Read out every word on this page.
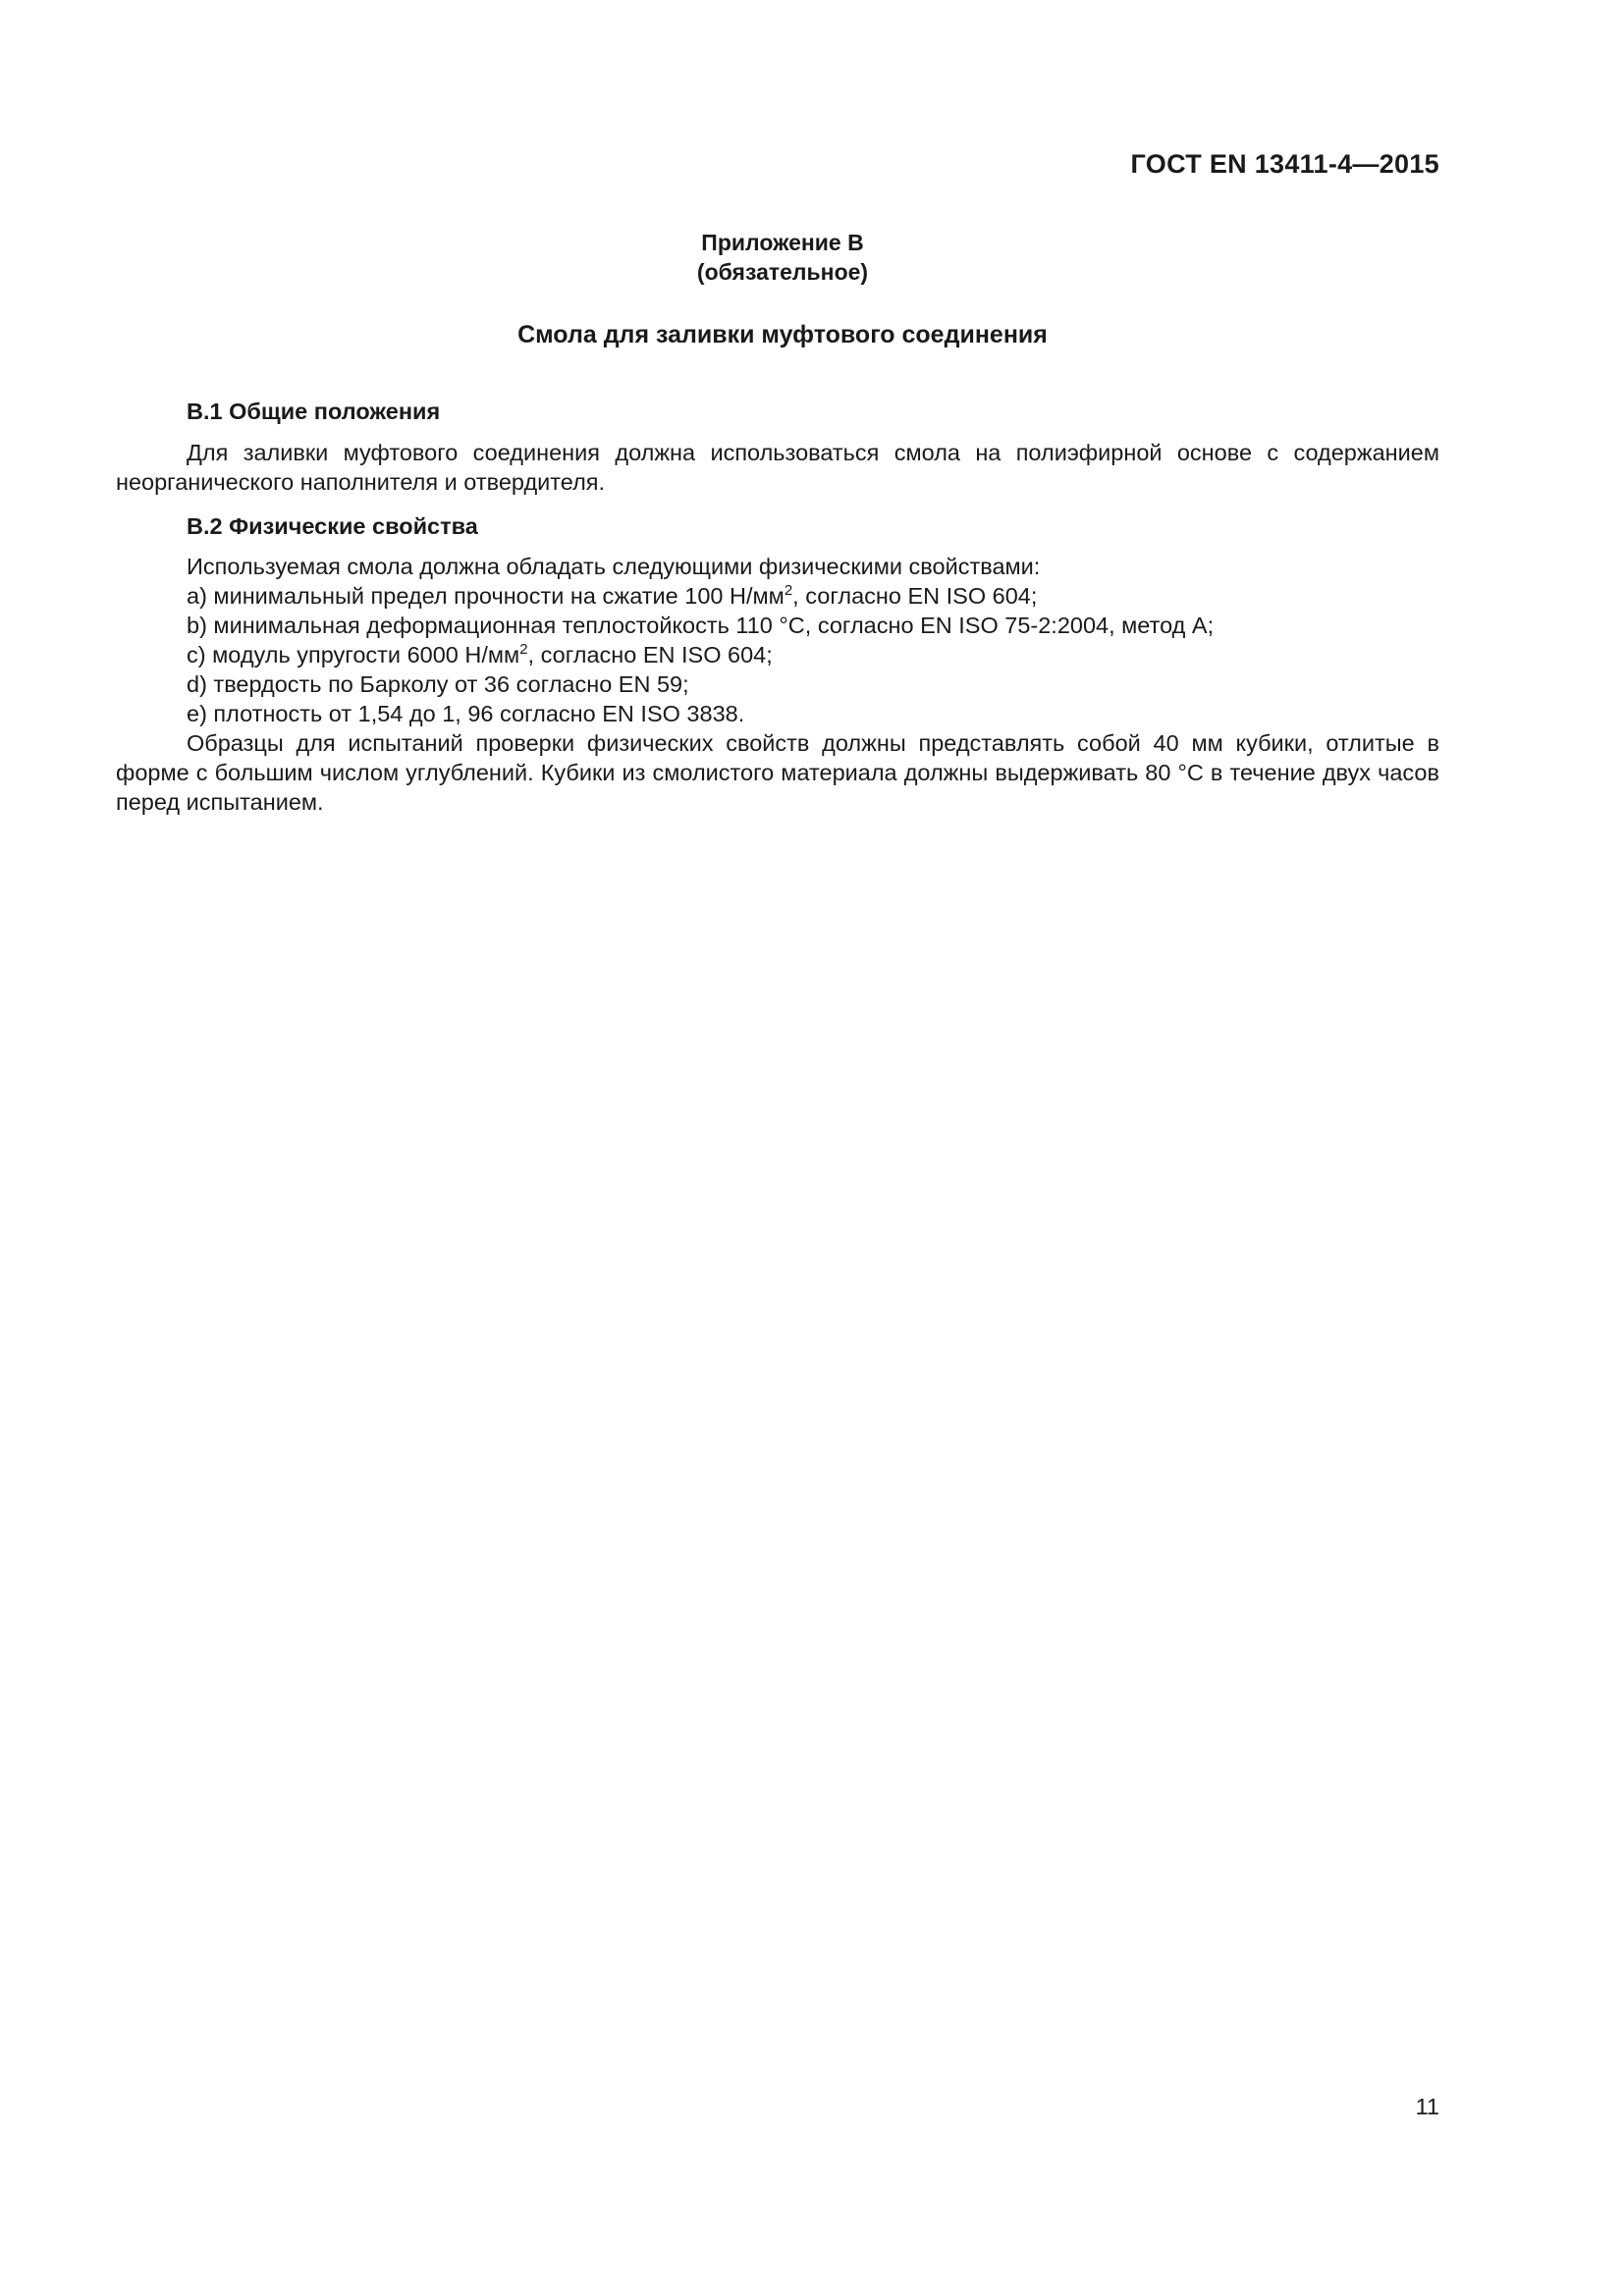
ГОСТ EN 13411-4—2015
Приложение В
(обязательное)
Смола для заливки муфтового соединения
В.1 Общие положения

Для заливки муфтового соединения должна использоваться смола на полиэфирной основе с содержанием неорганического наполнителя и отвердителя.

В.2 Физические свойства

Используемая смола должна обладать следующими физическими свойствами:

a) минимальный предел прочности на сжатие 100 $Н/мм^2$, согласно EN ISO 604;

b) минимальная деформационная теплостойкость 110 °С, согласно EN ISO 75-2:2004, метод А;

c) модуль упругости 6000 $Н/мм^2$, согласно EN ISO 604;

d) твердость по Барколу от 36 согласно EN 59;

e) плотность от 1,54 до 1, 96 согласно EN ISO 3838.

Образцы для испытаний проверки физических свойств должны представлять собой 40 мм кубики, отлитые в форме с большим числом углублений. Кубики из смолистого материала должны выдерживать 80 °С в течение двух часов перед испытанием.

11
